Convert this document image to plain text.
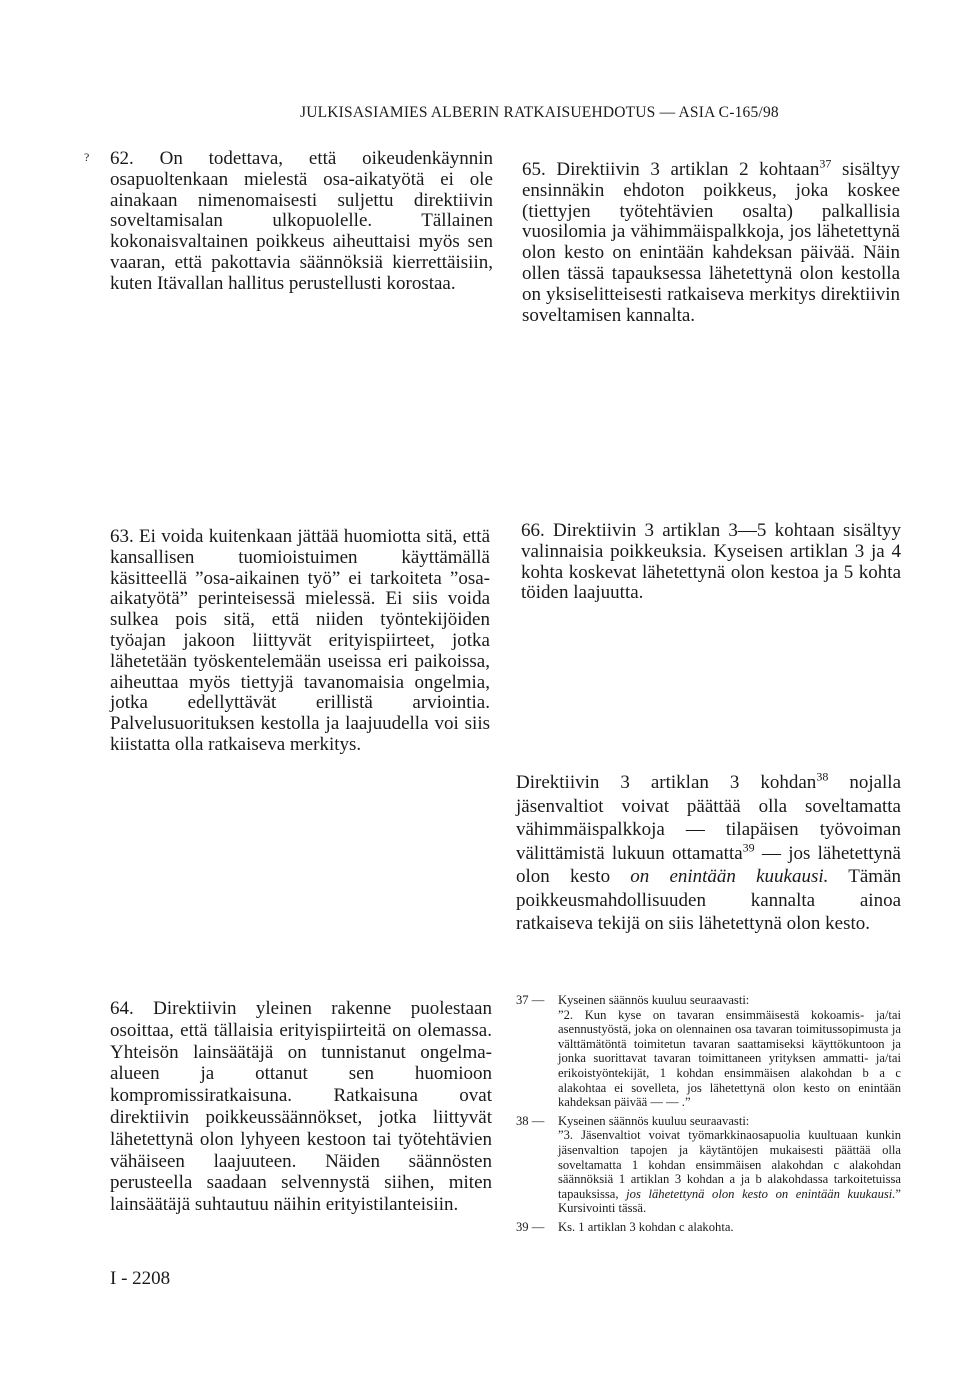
JULKISASIAMIES ALBERIN RATKAISUEHDOTUS — ASIA C-165/98
? 62. On todettava, että oikeudenkäynnin osapuoltenkaan mielestä osa-aikatyötä ei ole ainakaan nimenomaisesti suljettu direktiivin soveltamisalan ulkopuolelle. Tällainen kokonaisvaltainen poikkeus aiheuttaisi myös sen vaaran, että pakottavia säännöksiä kierrettäisiin, kuten Itävallan hallitus perustellusti korostaa.
65. Direktiivin 3 artiklan 2 kohtaan$^{37}$ sisältyy ensinnäkin ehdoton poikkeus, joka koskee (tiettyjen työtehtävien osalta) palkallisia vuosilomia ja vähimmäispalkkoja, jos lähetettynä olon kesto on enintään kahdeksan päivää. Näin ollen tässä tapauksessa lähetettynä olon kestolla on yksiselitteisesti ratkaiseva merkitys direktiivin soveltamisen kannalta.
63. Ei voida kuitenkaan jättää huomiotta sitä, että kansallisen tuomioistuimen käyttämällä käsitteellä ”osa-aikainen työ” ei tarkoiteta ”osa-aikatyötä” perinteisessä mielessä. Ei siis voida sulkea pois sitä, että niiden työntekijöiden työajan jakoon liittyvät erityispiirteet, jotka lähetetään työskentelemään useissa eri paikoissa, aiheuttaa myös tiettyjä tavanomaisia ongelmia, jotka edellyttävät erillistä arviointia. Palvelusuorituksen kestolla ja laajuudella voi siis kiistatta olla ratkaiseva merkitys.
66. Direktiivin 3 artiklan 3—5 kohtaan sisältyy valinnaisia poikkeuksia. Kyseisen artiklan 3 ja 4 kohta koskevat lähetettynä olon kestoa ja 5 kohta töiden laajuutta.
Direktiivin 3 artiklan 3 kohdan$^{38}$ nojalla jäsenvaltiot voivat päättää olla soveltamatta vähimmäispalkkoja — tilapäisen työvoiman välittämistä lukuun ottamatta$^{39}$ — jos lähetettynä olon kesto on enintään kuukausi. Tämän poikkeusmahdollisuuden kannalta ainoa ratkaiseva tekijä on siis lähetettynä olon kesto.
64. Direktiivin yleinen rakenne puolestaan osoittaa, että tällaisia erityispiirteitä on olemassa. Yhteisön lainsäätäjä on tunnistanut ongelma-alueen ja ottanut sen huomioon kompromissiratkaisuna. Ratkaisuna ovat direktiivin poikkeussäännökset, jotka liittyvät lähetettynä olon lyhyeen kestoon tai työtehtävien vähäiseen laajuuteen. Näiden säännösten perusteella saadaan selvennystä siihen, miten lainsäätäjä suhtautuu näihin erityistilanteisiin.
37 —	Kyseinen säännös kuuluu seuraavasti:
”2. Kun kyse on tavaran ensimmäisestä kokoamis- ja/tai asennustyöstä, joka on olennainen osa tavaran toimitussopimusta ja välttämätöntä toimitetun tavaran saattamiseksi käyttökuntoon ja jonka suorittavat tavaran toimittaneen yrityksen ammatti- ja/tai erikoistyöntekijät, 1 kohdan ensimmäisen alakohdan b a c alakohtaa ei sovelleta, jos lähetettynä olon kesto on enintään kahdeksan päivää — — .”
38 —	Kyseinen säännös kuuluu seuraavasti:
”3. Jäsenvaltiot voivat työmarkkinaosapuolia kuultuaan kunkin jäsenvaltion tapojen ja käytäntöjen mukaisesti päättää olla soveltamatta 1 kohdan ensimmäisen alakohdan c alakohdan säännöksiä 1 artiklan 3 kohdan a ja b alakohdassa tarkoitetuissa tapauksissa, jos lähetettynä olon kesto on enintään kuukausi.” Kursivointi tässä.
39 —	Ks. 1 artiklan 3 kohdan c alakohta.
I - 2208
